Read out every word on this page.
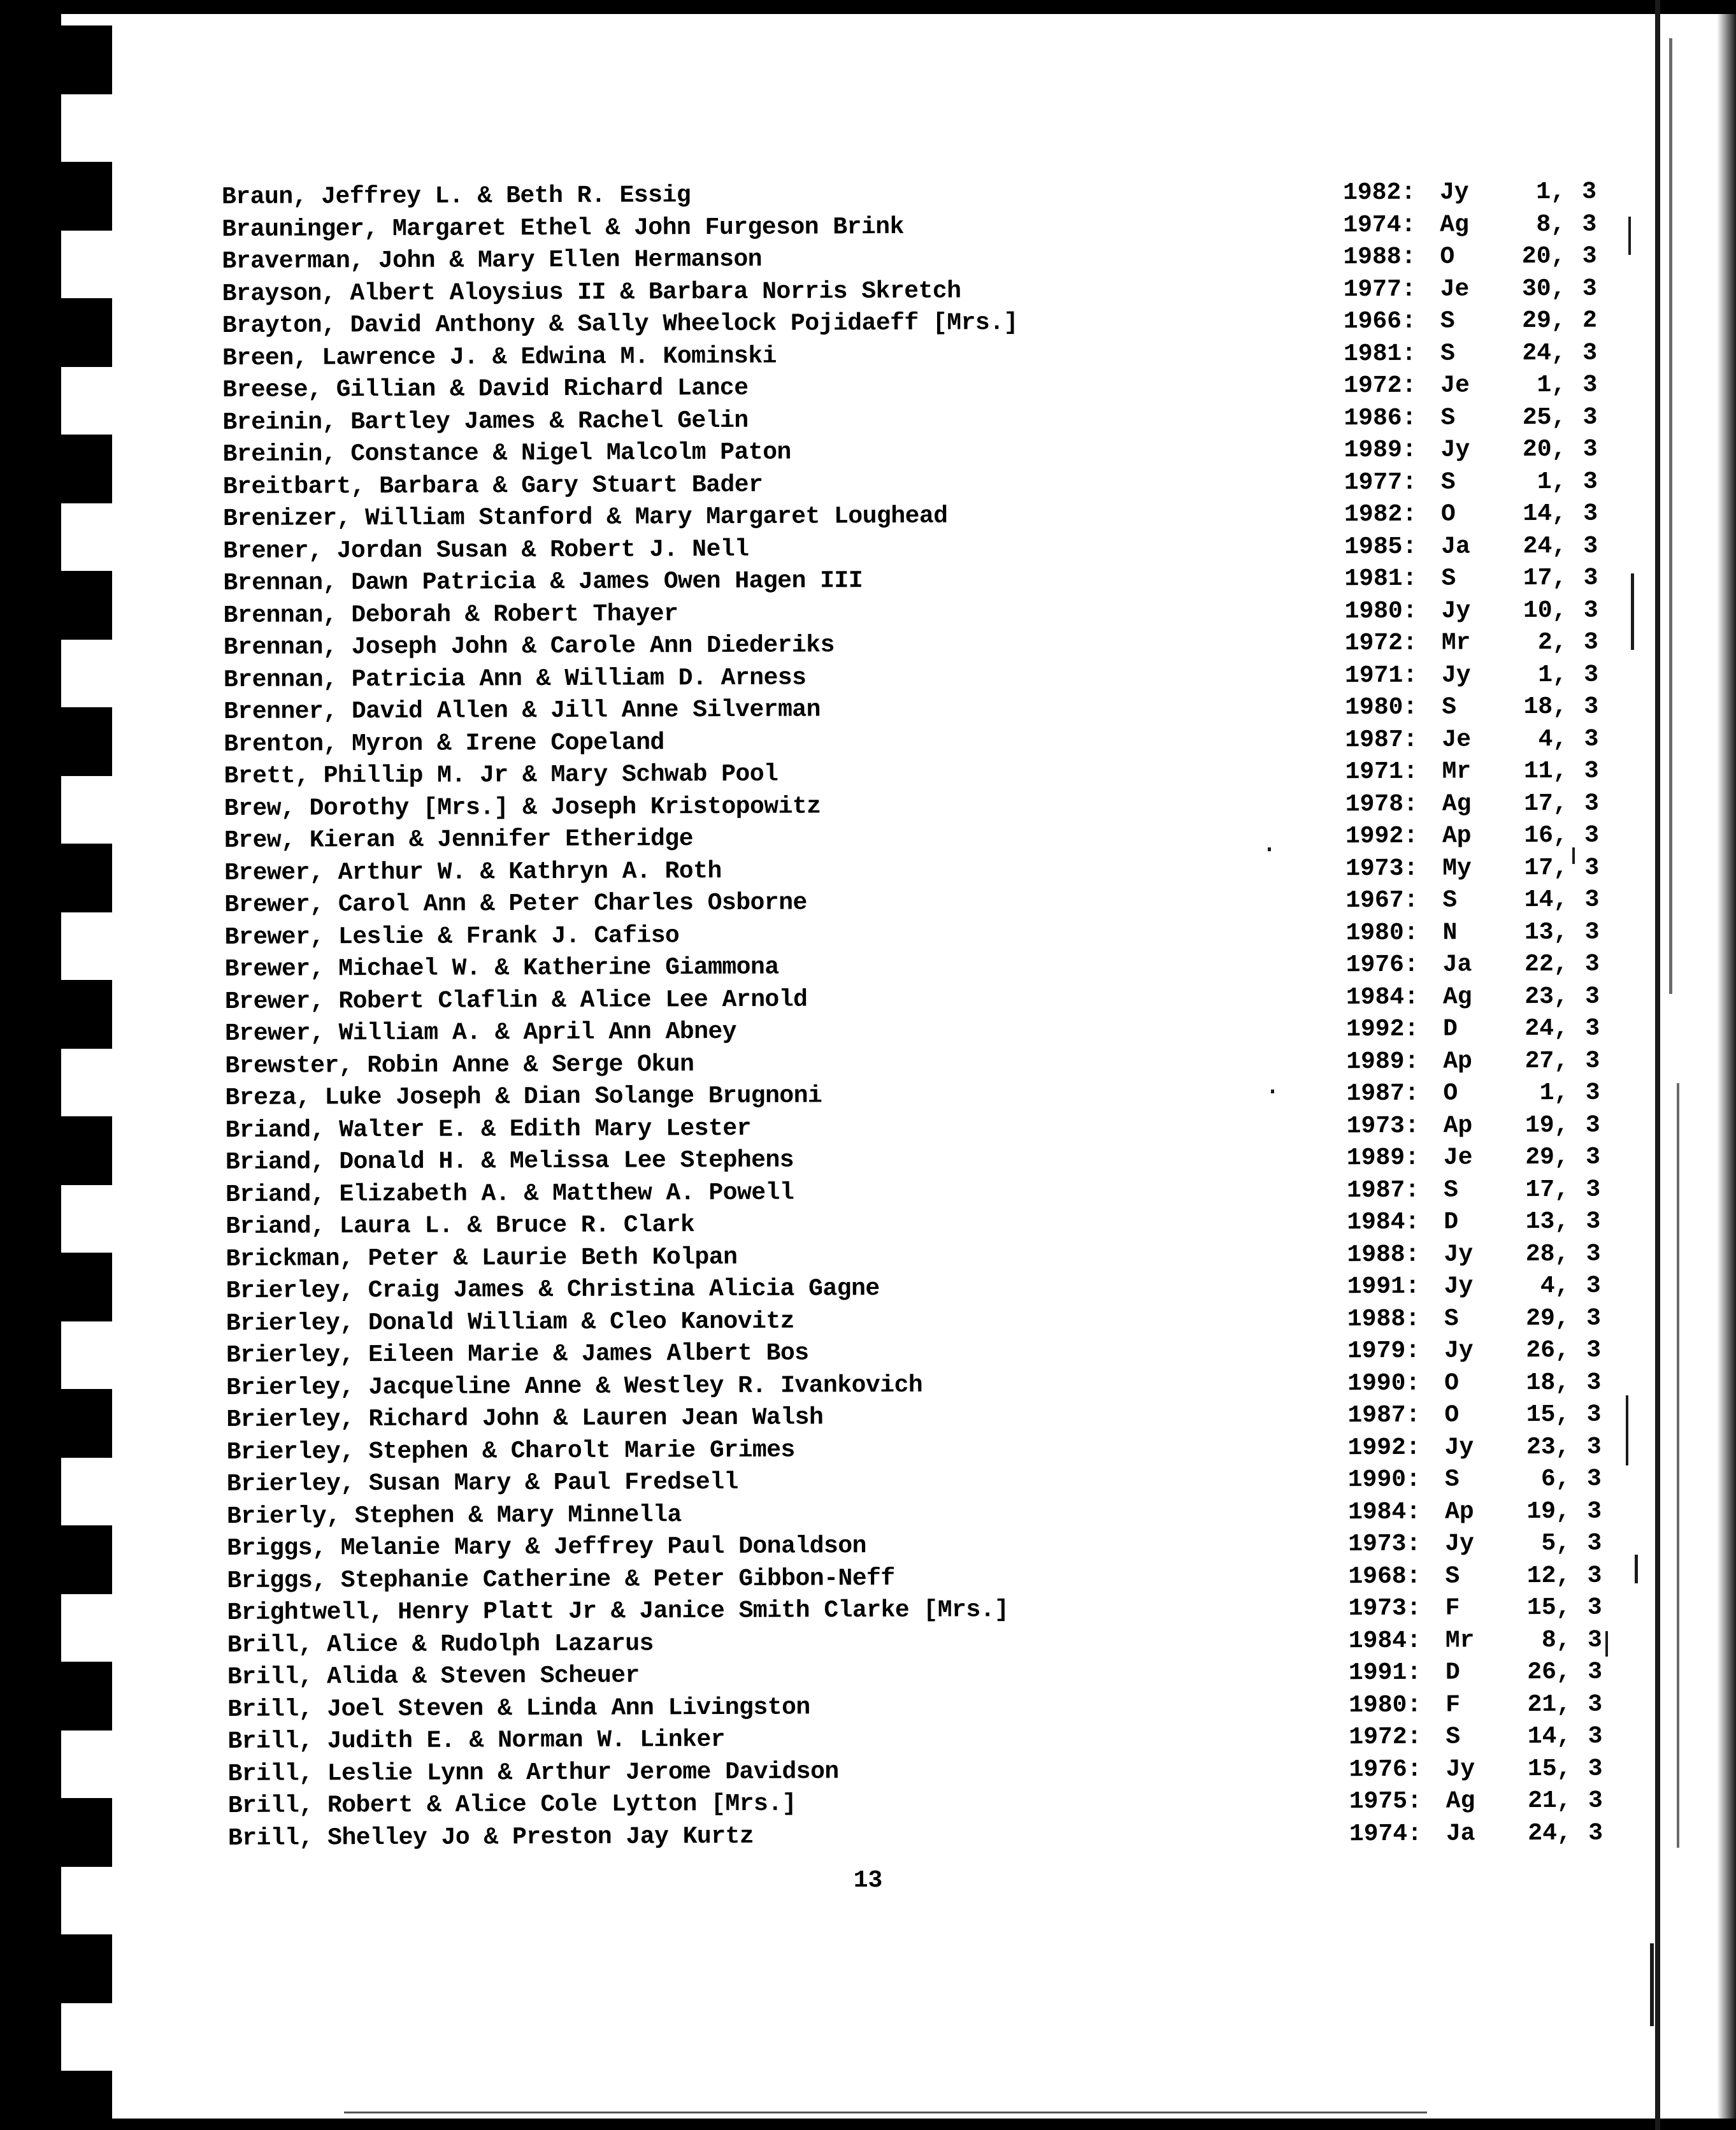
Braun, Jeffrey L. & Beth R. Essig	1982: Jy	1 , 3
Brauninger, Margaret Ethel & John Furgeson Brink	1974: Ag	8 , 3
Braverman, John & Mary Ellen Hermanson	1988: O	20 , 3
Brayson, Albert Aloysius II & Barbara Norris Skretch	1977: Je	30 , 3
Brayton, David Anthony & Sally Wheelock Pojidaeff [Mrs.]	1966: S	29 , 2
Breen, Lawrence J. & Edwina M. Kominski	1981: S	24 , 3
Breese, Gillian & David Richard Lance	1972: Je	1 , 3
Breinin, Bartley James & Rachel Gelin	1986: S	25 , 3
Breinin, Constance & Nigel Malcolm Paton	1989: Jy	20 , 3
Breitbart, Barbara & Gary Stuart Bader	1977: S	1 , 3
Brenizer, William Stanford & Mary Margaret Loughead	1982: O	14 , 3
Brener, Jordan Susan & Robert J. Nell	1985: Ja	24 , 3
Brennan, Dawn Patricia & James Owen Hagen III	1981: S	17 , 3
Brennan, Deborah & Robert Thayer	1980: Jy	10 , 3
Brennan, Joseph John & Carole Ann Diederiks	1972: Mr	2 , 3
Brennan, Patricia Ann & William D. Arness	1971: Jy	1 , 3
Brenner, David Allen & Jill Anne Silverman	1980: S	18 , 3
Brenton, Myron & Irene Copeland	1987: Je	4 , 3
Brett, Phillip M. Jr & Mary Schwab Pool	1971: Mr	11 , 3
Brew, Dorothy [Mrs.] & Joseph Kristopowitz	1978: Ag	17 , 3
Brew, Kieran & Jennifer Etheridge	1992: Ap	16 , 3
Brewer, Arthur W. & Kathryn A. Roth	1973: My	17 , 3
Brewer, Carol Ann & Peter Charles Osborne	1967: S	14 , 3
Brewer, Leslie & Frank J. Cafiso	1980: N	13 , 3
Brewer, Michael W. & Katherine Giammona	1976: Ja	22 , 3
Brewer, Robert Claflin & Alice Lee Arnold	1984: Ag	23 , 3
Brewer, William A. & April Ann Abney	1992: D	24 , 3
Brewster, Robin Anne & Serge Okun	1989: Ap	27 , 3
Breza, Luke Joseph & Dian Solange Brugnoni	1987: O	1 , 3
Briand, Walter E. & Edith Mary Lester	1973: Ap	19 , 3
Briand, Donald H. & Melissa Lee Stephens	1989: Je	29 , 3
Briand, Elizabeth A. & Matthew A. Powell	1987: S	17 , 3
Briand, Laura L. & Bruce R. Clark	1984: D	13 , 3
Brickman, Peter & Laurie Beth Kolpan	1988: Jy	28 , 3
Brierley, Craig James & Christina Alicia Gagne	1991: Jy	4 , 3
Brierley, Donald William & Cleo Kanovitz	1988: S	29 , 3
Brierley, Eileen Marie & James Albert Bos	1979: Jy	26 , 3
Brierley, Jacqueline Anne & Westley R. Ivankovich	1990: O	18 , 3
Brierley, Richard John & Lauren Jean Walsh	1987: O	15 , 3
Brierley, Stephen & Charolt Marie Grimes	1992: Jy	23 , 3
Brierley, Susan Mary & Paul Fredsell	1990: S	6 , 3
Brierly, Stephen & Mary Minnella	1984: Ap	19 , 3
Briggs, Melanie Mary & Jeffrey Paul Donaldson	1973: Jy	5 , 3
Briggs, Stephanie Catherine & Peter Gibbon-Neff	1968: S	12 , 3
Brightwell, Henry Platt Jr & Janice Smith Clarke [Mrs.]	1973: F	15 , 3
Brill, Alice & Rudolph Lazarus	1984: Mr	8 , 3
Brill, Alida & Steven Scheuer	1991: D	26 , 3
Brill, Joel Steven & Linda Ann Livingston	1980: F	21 , 3
Brill, Judith E. & Norman W. Linker	1972: S	14 , 3
Brill, Leslie Lynn & Arthur Jerome Davidson	1976: Jy	15 , 3
Brill, Robert & Alice Cole Lytton [Mrs.]	1975: Ag	21 , 3
Brill, Shelley Jo & Preston Jay Kurtz	1974: Ja	24 , 3
13
